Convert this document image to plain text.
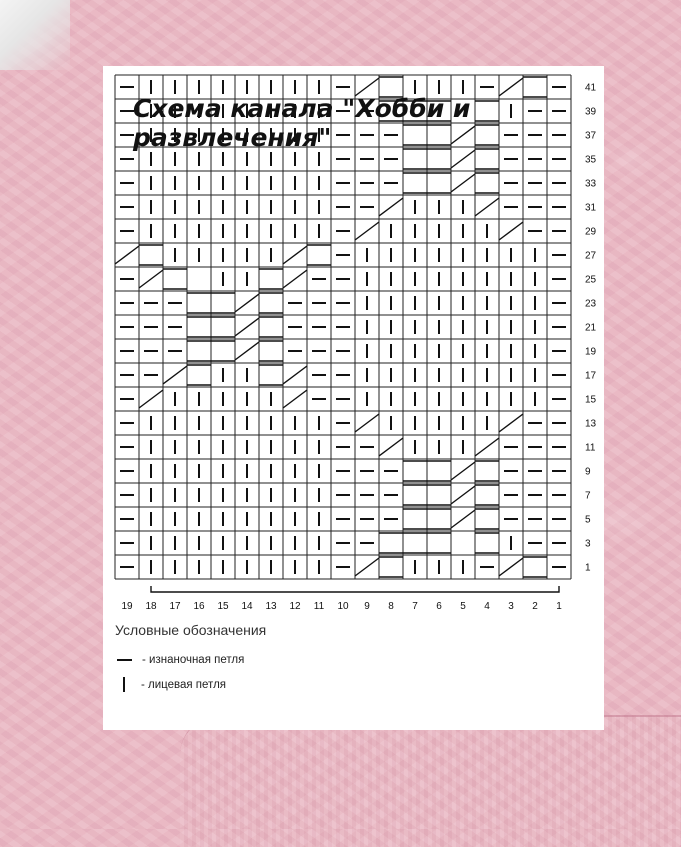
41
39
37
35
33
31
29
27
25
23
21
19
17
15
13
11
9
7
5
3
1
19 18 17 16 15 14 13 12 11 10 9 8 7 6 5 4 3 2 1

Схема канала "Хобби и развлечения"

Условные обозначения
- изнаночная петля
- лицевая петля
